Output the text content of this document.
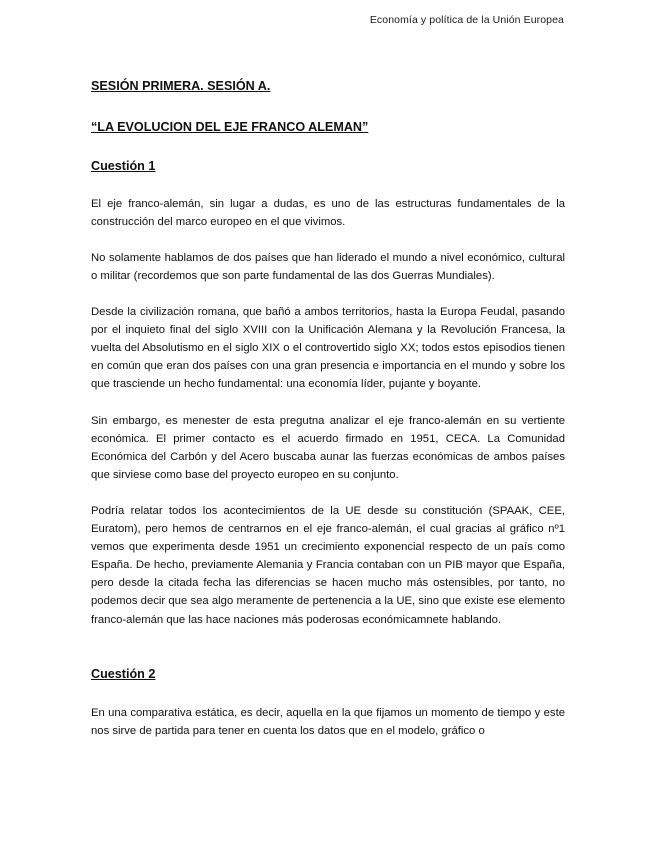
Economía y política de la Unión Europea
SESIÓN PRIMERA. SESIÓN A.
“LA EVOLUCION DEL EJE FRANCO ALEMAN”
Cuestión 1

El eje franco-alemán, sin lugar a dudas, es uno de las estructuras fundamentales de la construcción del marco europeo en el que vivimos.

No solamente hablamos de dos países que han liderado el mundo a nivel económico, cultural o militar (recordemos que son parte fundamental de las dos Guerras Mundiales).

Desde la civilización romana, que bañó a ambos territorios, hasta la Europa Feudal, pasando por el inquieto final del siglo XVIII con la Unificación Alemana y la Revolución Francesa, la vuelta del Absolutismo en el siglo XIX o el controvertido siglo XX; todos estos episodios tienen en común que eran dos países con una gran presencia e importancia en el mundo y sobre los que trasciende un hecho fundamental: una economía líder, pujante y boyante.

Sin embargo, es menester de esta pregutna analizar el eje franco-alemán en su vertiente económica. El primer contacto es el acuerdo firmado en 1951, CECA. La Comunidad Económica del Carbón y del Acero buscaba aunar las fuerzas económicas de ambos países que sirviese como base del proyecto europeo en su conjunto.

Podría relatar todos los acontecimientos de la UE desde su constitución (SPAAK, CEE, Euratom), pero hemos de centrarnos en el eje franco-alemán, el cual gracias al gráfico nº1 vemos que experimenta desde 1951 un crecimiento exponencial respecto de un país como España. De hecho, previamente Alemania y Francia contaban con un PIB mayor que España, pero desde la citada fecha las diferencias se hacen mucho más ostensibles, por tanto, no podemos decir que sea algo meramente de pertenencia a la UE, sino que existe ese elemento franco-alemán que las hace naciones más poderosas económicamnete hablando.

Cuestión 2

En una comparativa estática, es decir, aquella en la que fijamos un momento de tiempo y este nos sirve de partida para tener en cuenta los datos que en el modelo, gráfico o
